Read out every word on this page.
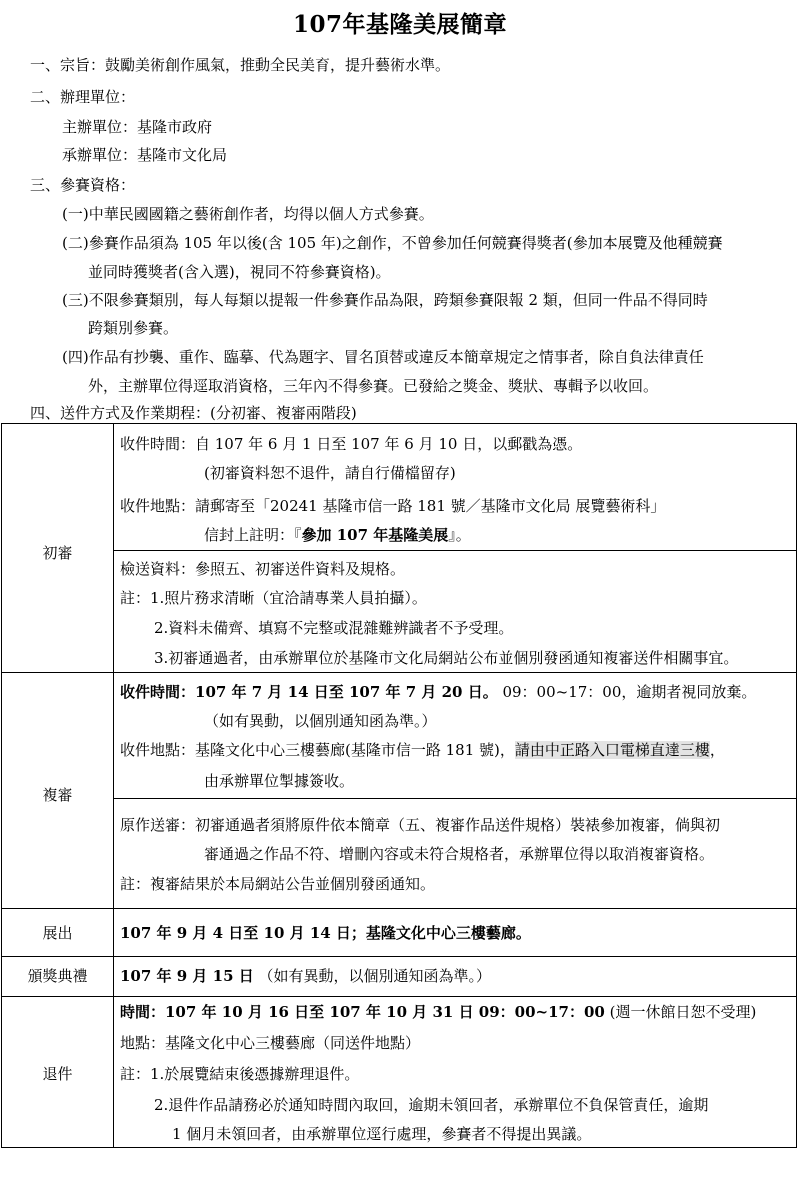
107年基隆美展簡章
一、宗旨：鼓勵美術創作風氣，推動全民美育，提升藝術水準。
二、辦理單位：
主辦單位：基隆市政府
承辦單位：基隆市文化局
三、參賽資格：
(一)中華民國國籍之藝術創作者，均得以個人方式參賽。
(二)參賽作品須為 105 年以後(含 105 年)之創作，不曾參加任何競賽得獎者(參加本展覽及他種競賽
並同時獲獎者(含入選)，視同不符參賽資格)。
(三)不限參賽類別，每人每類以提報一件參賽作品為限，跨類參賽限報 2 類，但同一件品不得同時
跨類別參賽。
(四)作品有抄襲、重作、臨摹、代為題字、冒名頂替或違反本簡章規定之情事者，除自負法律責任
外，主辦單位得逕取消資格，三年內不得參賽。已發給之獎金、獎狀、專輯予以收回。
四、送件方式及作業期程：(分初審、複審兩階段)
初審
收件時間：自 107 年 6 月 1 日至 107 年 6 月 10 日，以郵戳為憑。
(初審資料恕不退件，請自行備檔留存)
收件地點：請郵寄至「20241 基隆市信一路 181 號／基隆市文化局 展覽藝術科」
信封上註明：『參加 107 年基隆美展』。
檢送資料：參照五、初審送件資料及規格。
註：1.照片務求清晰（宜洽請專業人員拍攝）。
2.資料未備齊、填寫不完整或混雜難辨識者不予受理。
3.初審通過者，由承辦單位於基隆市文化局網站公布並個別發函通知複審送件相關事宜。
複審
收件時間：107 年 7 月 14 日至 107 年 7 月 20 日。 09：00~17：00，逾期者視同放棄。
（如有異動，以個別通知函為準。）
收件地點：基隆文化中心三樓藝廊(基隆市信一路 181 號)，請由中正路入口電梯直達三樓，
由承辦單位掣據簽收。
原作送審：初審通過者須將原件依本簡章（五、複審作品送件規格）裝裱參加複審，倘與初
審通過之作品不符、增刪內容或未符合規格者，承辦單位得以取消複審資格。
註：複審結果於本局網站公告並個別發函通知。
展出	107 年 9 月 4 日至 10 月 14 日；基隆文化中心三樓藝廊。
頒獎典禮	107 年 9 月 15 日 （如有異動，以個別通知函為準。）
退件
時間：107 年 10 月 16 日至 107 年 10 月 31 日 09：00~17：00 (週一休館日恕不受理)
地點：基隆文化中心三樓藝廊（同送件地點）
註：1.於展覽結束後憑據辦理退件。
2.退件作品請務必於通知時間內取回，逾期未領回者，承辦單位不負保管責任，逾期
1 個月未領回者，由承辦單位逕行處理，參賽者不得提出異議。
